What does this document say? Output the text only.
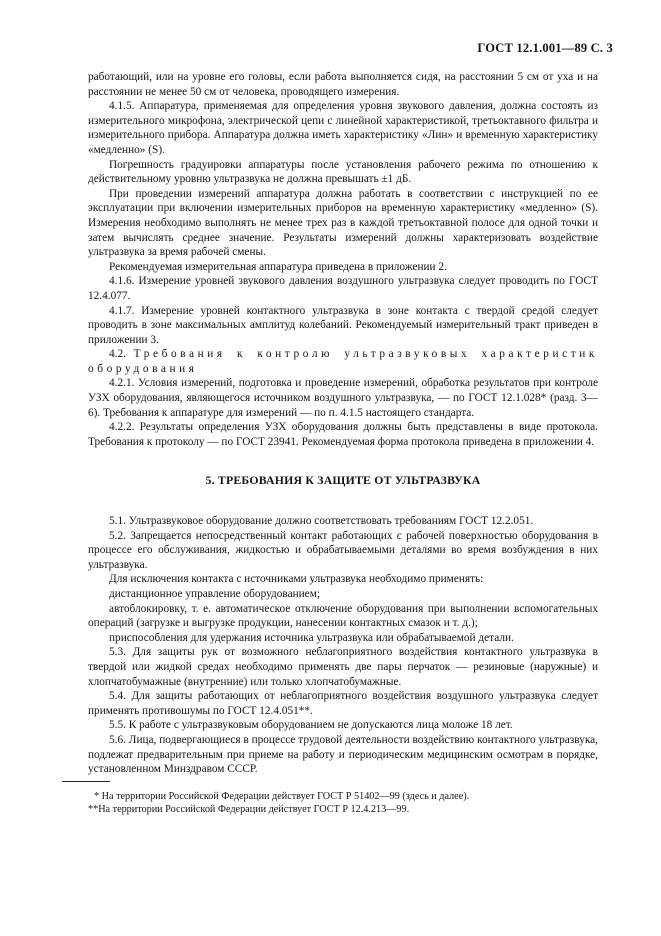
ГОСТ 12.1.001—89 С. 3

работающий, или на уровне его головы, если работа выполняется сидя, на расстоянии 5 см от уха и на расстоянии не менее 50 см от человека, проводящего измерения.

4.1.5. Аппаратура, применяемая для определения уровня звукового давления, должна состоять из измерительного микрофона, электрической цепи с линейной характеристикой, третьоктавного фильтра и измерительного прибора. Аппаратура должна иметь характеристику «Лин» и временную характеристику «медленно» (S).

Погрешность градуировки аппаратуры после установления рабочего режима по отношению к действительному уровню ультразвука не должна превышать ±1 дБ.

При проведении измерений аппаратура должна работать в соответствии с инструкцией по ее эксплуатации при включении измерительных приборов на временную характеристику «медленно» (S). Измерения необходимо выполнять не менее трех раз в каждой третьоктавной полосе для одной точки и затем вычислять среднее значение. Результаты измерений должны характеризовать воздействие ультразвука за время рабочей смены.

Рекомендуемая измерительная аппаратура приведена в приложении 2.

4.1.6. Измерение уровней звукового давления воздушного ультразвука следует проводить по ГОСТ 12.4.077.

4.1.7. Измерение уровней контактного ультразвука в зоне контакта с твердой средой следует проводить в зоне максимальных амплитуд колебаний. Рекомендуемый измерительный тракт приведен в приложении 3.

4.2. Требования к контролю ультразвуковых характеристик оборудования

4.2.1. Условия измерений, подготовка и проведение измерений, обработка результатов при контроле УЗХ оборудования, являющегося источником воздушного ультразвука, — по ГОСТ 12.1.028* (разд. 3—6). Требования к аппаратуре для измерений — по п. 4.1.5 настоящего стандарта.

4.2.2. Результаты определения УЗХ оборудования должны быть представлены в виде протокола. Требования к протоколу — по ГОСТ 23941. Рекомендуемая форма протокола приведена в приложении 4.

5. ТРЕБОВАНИЯ К ЗАЩИТЕ ОТ УЛЬТРАЗВУКА

5.1. Ультразвуковое оборудование должно соответствовать требованиям ГОСТ 12.2.051.

5.2. Запрещается непосредственный контакт работающих с рабочей поверхностью оборудования в процессе его обслуживания, жидкостью и обрабатываемыми деталями во время возбуждения в них ультразвука.

Для исключения контакта с источниками ультразвука необходимо применять:

дистанционное управление оборудованием;

автоблокировку, т. е. автоматическое отключение оборудования при выполнении вспомогательных операций (загрузке и выгрузке продукции, нанесении контактных смазок и т. д.);

приспособления для удержания источника ультразвука или обрабатываемой детали.

5.3. Для защиты рук от возможного неблагоприятного воздействия контактного ультразвука в твердой или жидкой средах необходимо применять две пары перчаток — резиновые (наружные) и хлопчатобумажные (внутренние) или только хлопчатобумажные.

5.4. Для защиты работающих от неблагоприятного воздействия воздушного ультразвука следует применять противошумы по ГОСТ 12.4.051**.

5.5. К работе с ультразвуковым оборудованием не допускаются лица моложе 18 лет.

5.6. Лица, подвергающиеся в процессе трудовой деятельности воздействию контактного ультразвука, подлежат предварительным при приеме на работу и периодическим медицинским осмотрам в порядке, установленном Минздравом СССР.

* На территории Российской Федерации действует ГОСТ Р 51402—99 (здесь и далее).

**На территории Российской Федерации действует ГОСТ Р 12.4.213—99.
